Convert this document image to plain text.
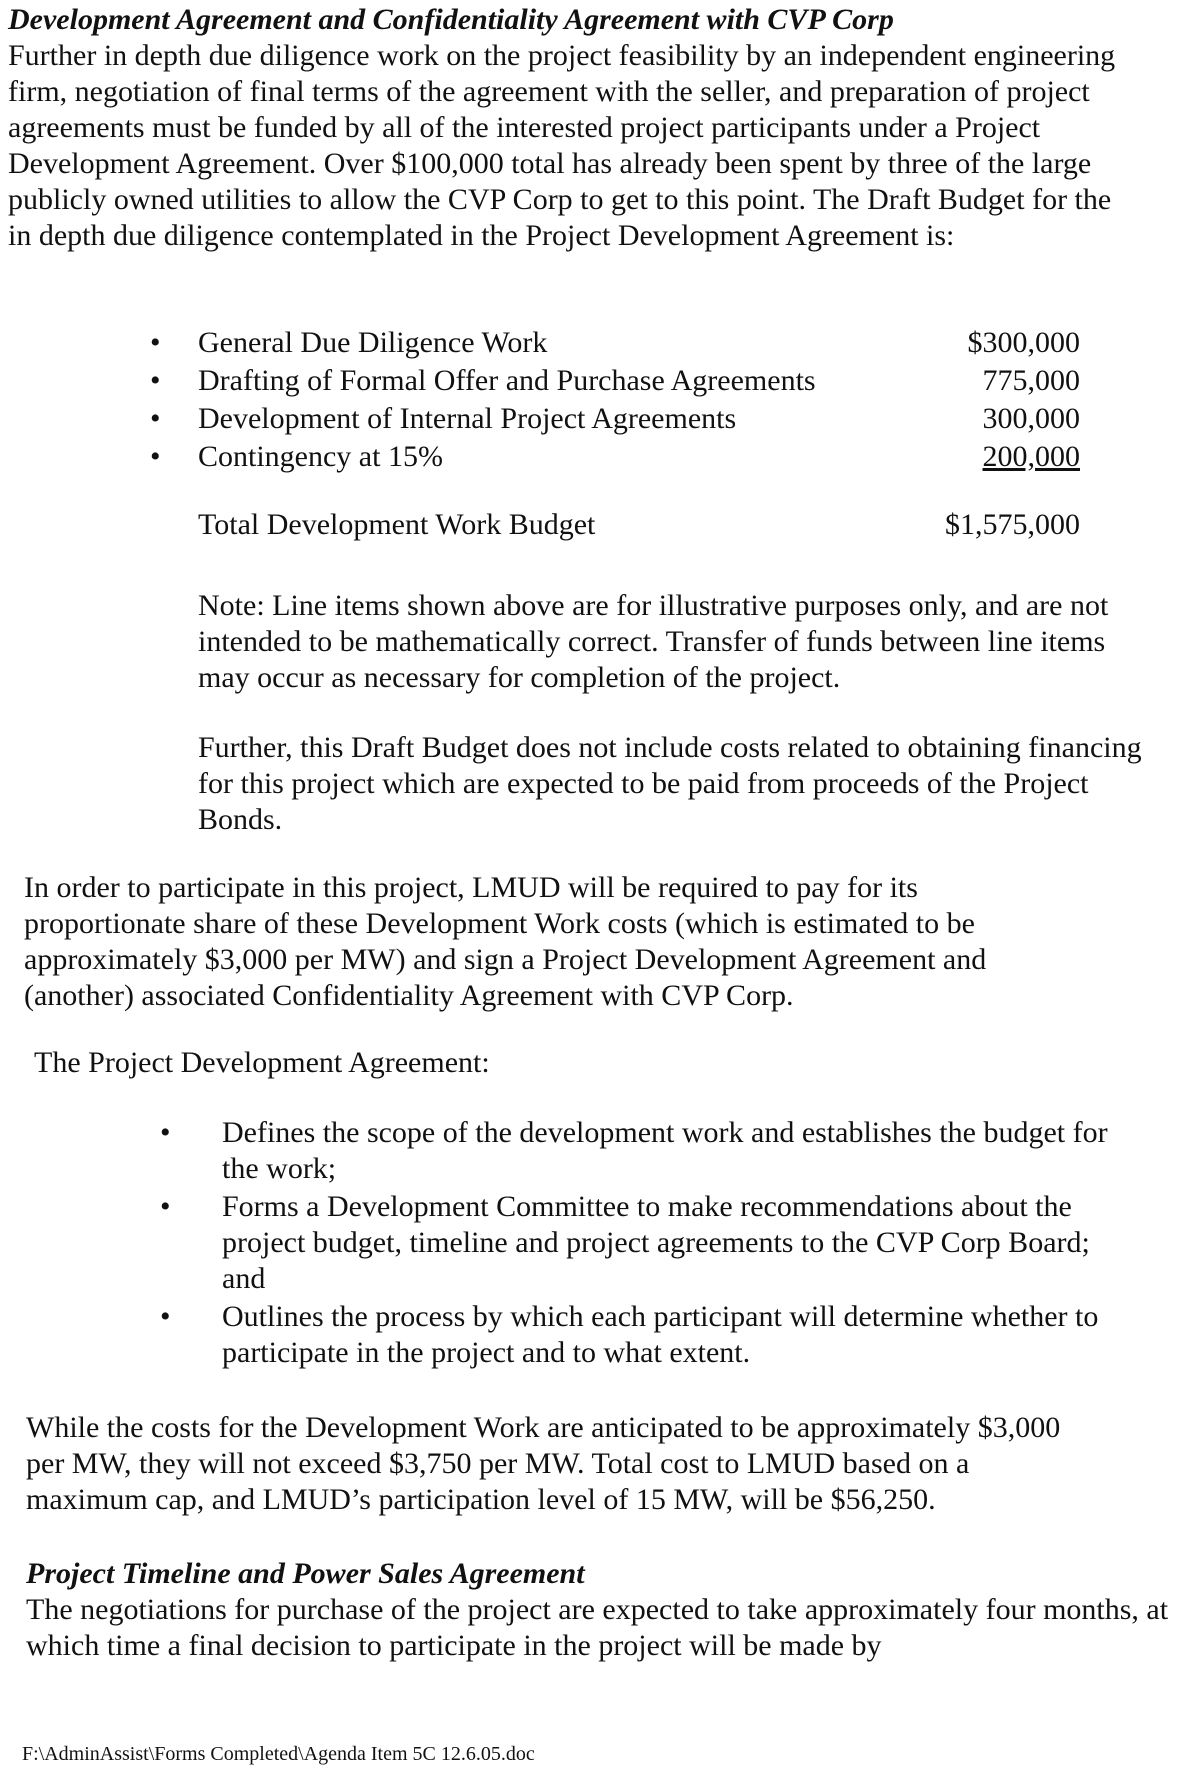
Development Agreement and Confidentiality Agreement with CVP Corp

Further in depth due diligence work on the project feasibility by an independent engineering firm, negotiation of final terms of the agreement with the seller, and preparation of project agreements must be funded by all of the interested project participants under a Project Development Agreement. Over $100,000 total has already been spent by three of the large publicly owned utilities to allow the CVP Corp to get to this point. The Draft Budget for the in depth due diligence contemplated in the Project Development Agreement is:

•	General Due Diligence Work	$300,000
•	Drafting of Formal Offer and Purchase Agreements	775,000
•	Development of Internal Project Agreements	300,000
•	Contingency at 15%	200,000
Total Development Work Budget	$1,575,000

Note: Line items shown above are for illustrative purposes only, and are not intended to be mathematically correct. Transfer of funds between line items may occur as necessary for completion of the project.

Further, this Draft Budget does not include costs related to obtaining financing for this project which are expected to be paid from proceeds of the Project Bonds.

In order to participate in this project, LMUD will be required to pay for its proportionate share of these Development Work costs (which is estimated to be approximately $3,000 per MW) and sign a Project Development Agreement and (another) associated Confidentiality Agreement with CVP Corp.

The Project Development Agreement:

• Defines the scope of the development work and establishes the budget for the work;
• Forms a Development Committee to make recommendations about the project budget, timeline and project agreements to the CVP Corp Board; and
• Outlines the process by which each participant will determine whether to participate in the project and to what extent.

While the costs for the Development Work are anticipated to be approximately $3,000 per MW, they will not exceed $3,750 per MW. Total cost to LMUD based on a maximum cap, and LMUD’s participation level of 15 MW, will be $56,250.

Project Timeline and Power Sales Agreement

The negotiations for purchase of the project are expected to take approximately four months, at which time a final decision to participate in the project will be made by

F:\AdminAssist\Forms Completed\Agenda Item 5C 12.6.05.doc
